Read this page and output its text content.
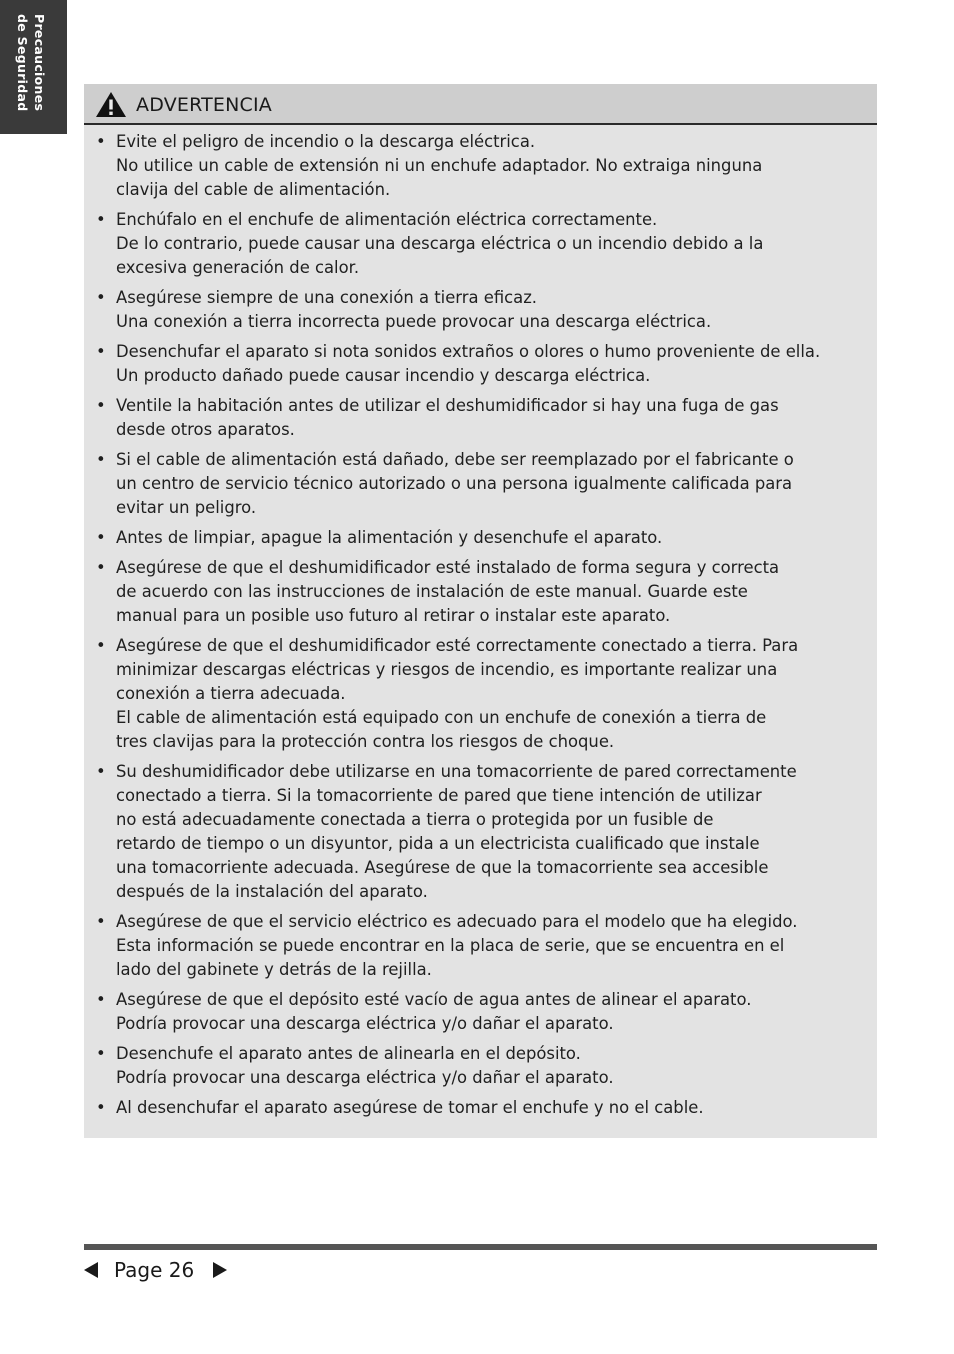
Precauciones
de Seguridad	ADVERTENCIA
• Evite el peligro de incendio o la descarga eléctrica.
No utilice un cable de extensión ni un enchufe adaptador. No extraiga ninguna
clavija del cable de alimentación.
• Enchúfalo en el enchufe de alimentación eléctrica correctamente.
De lo contrario, puede causar una descarga eléctrica o un incendio debido a la
excesiva generación de calor.
• Asegúrese siempre de una conexión a tierra eficaz.
Una conexión a tierra incorrecta puede provocar una descarga eléctrica.
• Desenchufar el aparato si nota sonidos extraños o olores o humo proveniente de ella.
Un producto dañado puede causar incendio y descarga eléctrica.
• Ventile la habitación antes de utilizar el deshumidificador si hay una fuga de gas
desde otros aparatos.
• Si el cable de alimentación está dañado, debe ser reemplazado por el fabricante o
un centro de servicio técnico autorizado o una persona igualmente calificada para
evitar un peligro.
• Antes de limpiar, apague la alimentación y desenchufe el aparato.
• Asegúrese de que el deshumidificador esté instalado de forma segura y correcta
de acuerdo con las instrucciones de instalación de este manual. Guarde este
manual para un posible uso futuro al retirar o instalar este aparato.
• Asegúrese de que el deshumidificador esté correctamente conectado a tierra. Para
minimizar descargas eléctricas y riesgos de incendio, es importante realizar una
conexión a tierra adecuada.
El cable de alimentación está equipado con un enchufe de conexión a tierra de
tres clavijas para la protección contra los riesgos de choque.
• Su deshumidificador debe utilizarse en una tomacorriente de pared correctamente
conectado a tierra. Si la tomacorriente de pared que tiene intención de utilizar
no está adecuadamente conectada a tierra o protegida por un fusible de
retardo de tiempo o un disyuntor, pida a un electricista cualificado que instale
una tomacorriente adecuada. Asegúrese de que la tomacorriente sea accesible
después de la instalación del aparato.
• Asegúrese de que el servicio eléctrico es adecuado para el modelo que ha elegido.
Esta información se puede encontrar en la placa de serie, que se encuentra en el
lado del gabinete y detrás de la rejilla.
• Asegúrese de que el depósito esté vacío de agua antes de alinear el aparato.
Podría provocar una descarga eléctrica y/o dañar el aparato.
• Desenchufe el aparato antes de alinearla en el depósito.
Podría provocar una descarga eléctrica y/o dañar el aparato.
• Al desenchufar el aparato asegúrese de tomar el enchufe y no el cable.
Page 26
